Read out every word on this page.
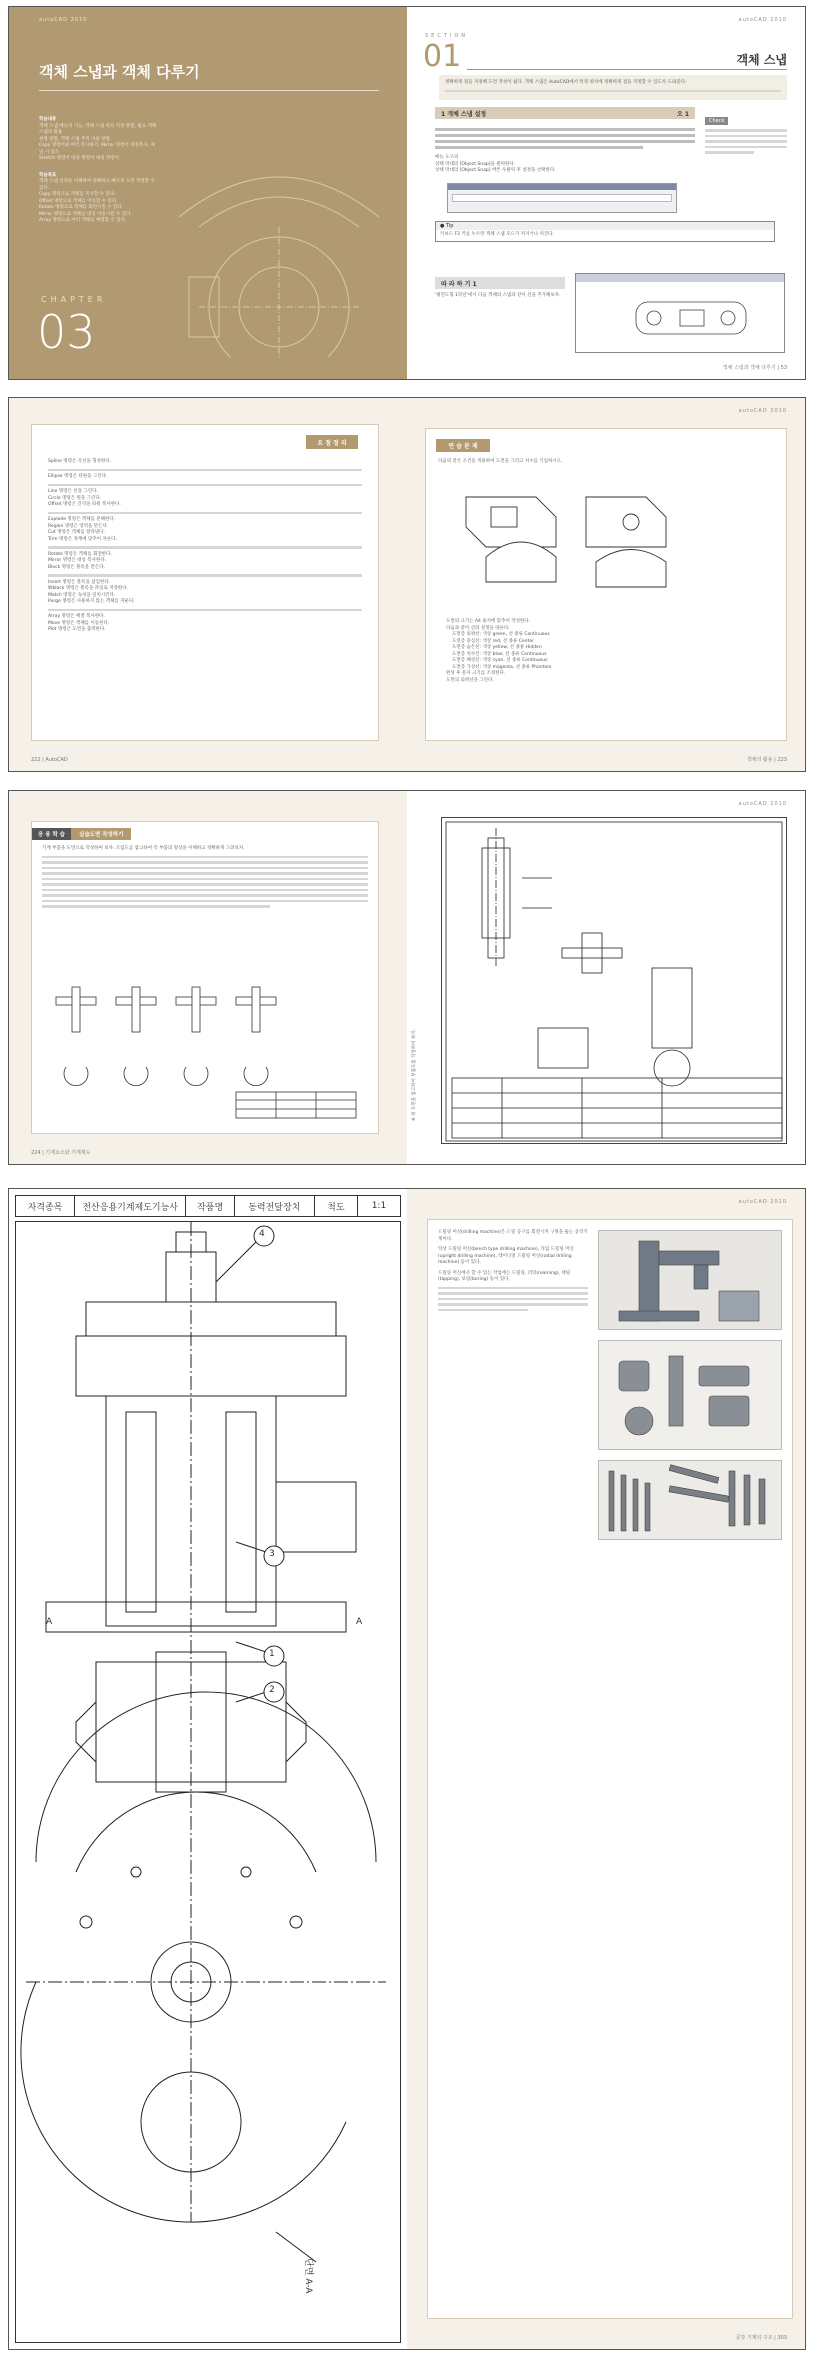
autoCAD 2010
객체 스냅과 객체 다루기
학습내용
객체 스냅 메뉴의 기능, 객체 스냅 위치 지정 방법, 필요 객체 스냅의 활용
설정 방법, 객체 스냅 추적 이용 방법
Copy 명령어와 여러 복사하기, Mirror 명령어 대칭복사, 제일 시 참조
Stretch 명령어 대칭 명령어 대칭 명령어
학습목표
객체 스냅 설정을 이해하여 정확하고 빠르게 도면 작성할 수 있다.
Copy 명령으로 객체를 복사할 수 있다.
Offset 명령으로 객체를 이동할 수 있다.
Rotate 명령으로 객체를 회전시킬 수 있다.
Mirror 명령으로 객체를 대칭 이동시킬 수 있다.
Array 명령으로 여러 객체를 배열할 수 있다.
CHAPTER
03
autoCAD 2010
SECTION
01	객체 스냅
정확하게 점을 지정해 도면 작성이 쉽다. 객체 스냅은 AutoCAD에서 특정 위치에 정확하게 점을 지정할 수 있도록 도와준다.
1 개체 스냅 설정	오 1
메뉴 도구의
상태 막대의 [Object Snap]을 클릭한다.
상태 막대의 [Object Snap] 버튼 우클릭 후 설정을 선택한다.
Check
● Tip
키보드 F3 키를 누르면 객체 스냅 모드가 켜지거나 꺼진다.
따 라 하 기 1
'평면도형 1학년'에서 다음 객체의 스냅과 같이 선을 추가해보자.
객체 스냅과 객체 다루기 | 53
요 점 정 리
Spline 명령은 곡선을 형성한다.
Ellipse 명령은 타원을 그린다.
Line 명령은 선을 그린다.
Circle 명령은 원을 그린다.
Offset 명령은 간격을 띄워 복사한다.
Explode 명령은 객체를 분해한다.
Region 명령은 영역을 만든다.
Cut 명령은 객체를 잘라낸다.
Trim 명령은 경계에 맞추어 자른다.
Rotate 명령은 객체를 회전한다.
Mirror 명령은 대칭 복사한다.
Block 명령은 블록을 만든다.
Insert 명령은 블록을 삽입한다.
Wblock 명령은 블록을 파일로 저장한다.
Match 명령은 속성을 일치시킨다.
Purge 명령은 사용하지 않는 객체를 지운다.
Array 명령은 배열 복사한다.
Move 명령은 객체를 이동한다.
Plot 명령은 도면을 출력한다.
222 | AutoCAD
autoCAD 2010
연 습 문 제
다음의 같은 조건을 적용하여 도면을 그리고 치수를 기입하시오.
도면의 크기는 A4 용지에 맞추어 작성한다.
다음과 같이 선의 설정을 따른다.
도면층 외곽선: 색상 green, 선 종류 Continuous
도면층 중심선: 색상 red, 선 종류 Center
도면층 숨은선: 색상 yellow, 선 종류 Hidden
도면층 치수선: 색상 blue, 선 종류 Continuous
도면층 해칭선: 색상 cyan, 선 종류 Continuous
도면층 가상선: 색상 magenta, 선 종류 Phantom
완성 후 문자 크기를 조정한다.
도면의 외곽선을 그린다.
객체의 활용 | 223
응 용 학 습	실습도면 작성하기
기계 부품을 도면으로 작성하여 보자. 조립도를 참고하여 각 부품의 형상을 이해하고 정확하게 그려보자.
224 | 기계요소와 기계제도
autoCAD 2010
※ 위 도면을 참고하여 부품도를 작성하여 보자.
자격종목	전산응용기계제도기능사	작품명	동력전달장치	척도	1:1
4
3
1
2
A	A
단면 A-A
autoCAD 2010
드릴링 머신(drilling machine)은 드릴 공구를 회전시켜 구멍을 뚫는 공작기계이다.
탁상 드릴링 머신(bench type drilling machine), 직립 드릴링 머신(upright drilling machine), 레이디얼 드릴링 머신(radial drilling machine) 등이 있다.
드릴링 머신에서 할 수 있는 작업에는 드릴링, 리밍(reaming), 태핑(tapping), 보링(boring) 등이 있다.
공작 기계의 구조 | 303
